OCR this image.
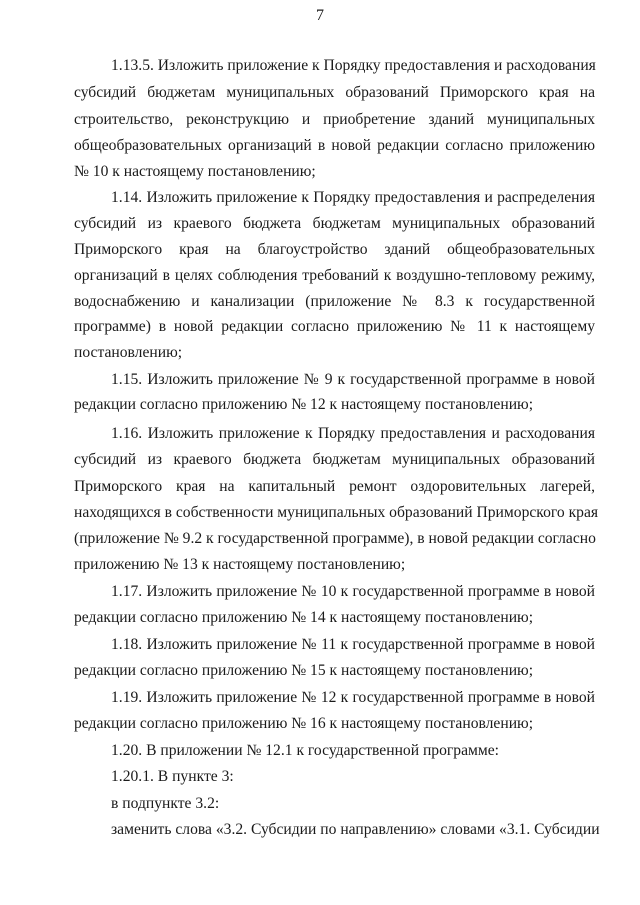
7
1.13.5. Изложить приложение к Порядку предоставления и расходования
субсидий бюджетам муниципальных образований Приморского края на
строительство, реконструкцию и приобретение зданий муниципальных
общеобразовательных организаций в новой редакции согласно приложению
№ 10 к настоящему постановлению;
1.14. Изложить приложение к Порядку предоставления и распределения
субсидий из краевого бюджета бюджетам муниципальных образований
Приморского края на благоустройство зданий общеобразовательных
организаций в целях соблюдения требований к воздушно-тепловому режиму,
водоснабжению и канализации (приложение № 8.3 к государственной
программе) в новой редакции согласно приложению № 11 к настоящему
постановлению;
1.15. Изложить приложение № 9 к государственной программе в новой
редакции согласно приложению № 12 к настоящему постановлению;
1.16. Изложить приложение к Порядку предоставления и расходования
субсидий из краевого бюджета бюджетам муниципальных образований
Приморского края на капитальный ремонт оздоровительных лагерей,
находящихся в собственности муниципальных образований Приморского края
(приложение № 9.2 к государственной программе), в новой редакции согласно
приложению № 13 к настоящему постановлению;
1.17. Изложить приложение № 10 к государственной программе в новой
редакции согласно приложению № 14 к настоящему постановлению;
1.18. Изложить приложение № 11 к государственной программе в новой
редакции согласно приложению № 15 к настоящему постановлению;
1.19. Изложить приложение № 12 к государственной программе в новой
редакции согласно приложению № 16 к настоящему постановлению;
1.20. В приложении № 12.1 к государственной программе:
1.20.1. В пункте 3:
в подпункте 3.2:
заменить слова «3.2. Субсидии по направлению» словами «3.1. Субсидии
